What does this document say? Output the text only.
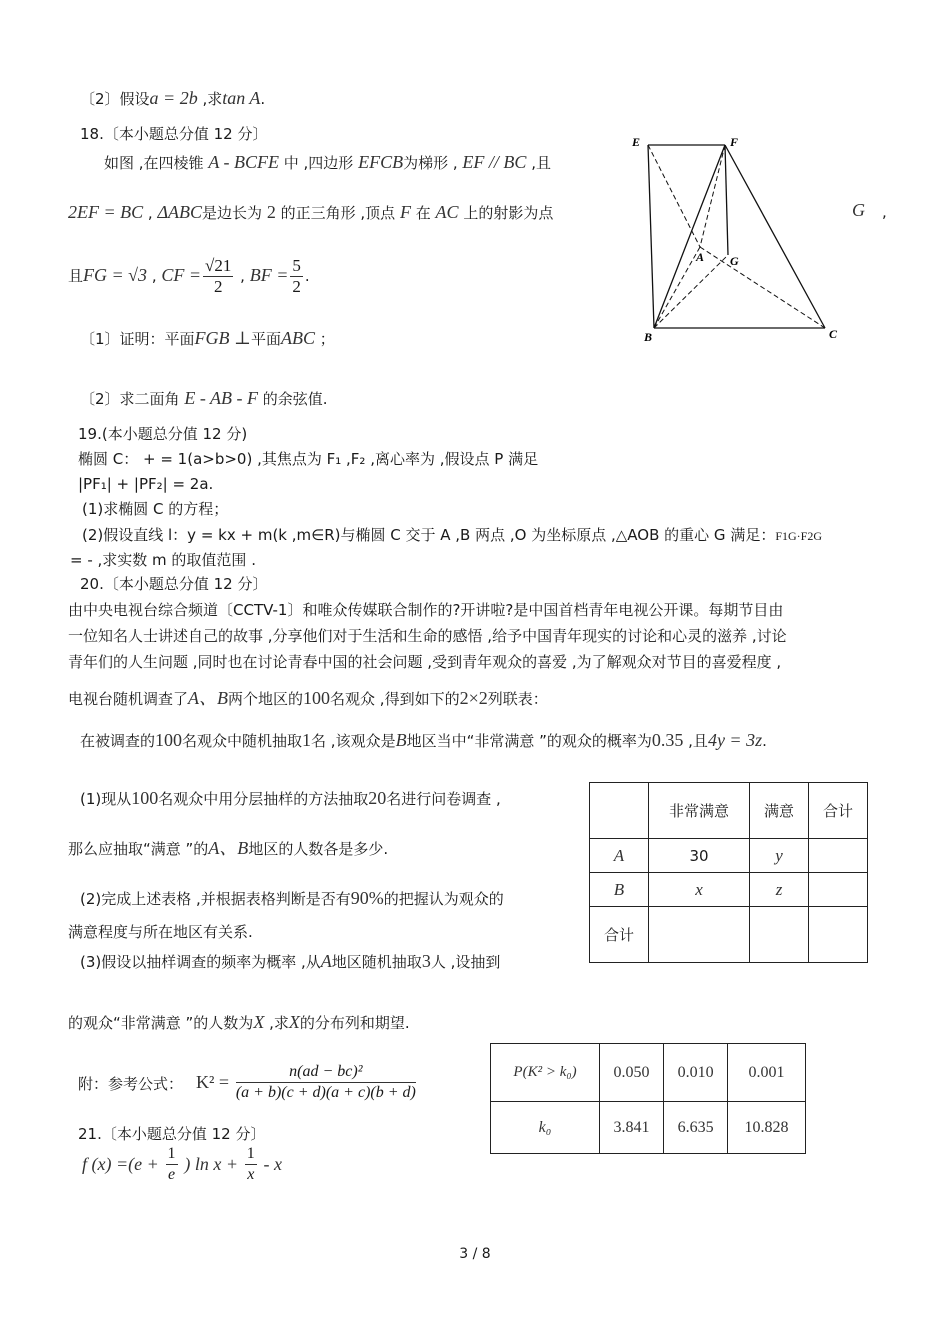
〔2〕假设a = 2b ,求tan A.
18.〔本小题总分值 12 分〕
如图 ,在四棱锥 A - BCFE 中 ,四边形 EFCB为梯形 , EF // BC ,且
2EF = BC , ΔABC是边长为 2 的正三角形 ,顶点 F 在 AC 上的射影为点	G ,
且FG = √3 , CF = $\frac{√21}{2}$ , BF = $\frac{5}{2}$ .
〔1〕证明：平面FGB ⊥平面ABC ；
〔2〕求二面角 E - AB - F 的余弦值.
E	F
A G
B	C
19.(本小题总分值 12 分)
椭圆 C： + = 1(a>b>0) ,其焦点为 F₁ ,F₂ ,离心率为 ,假设点 P 满足
|PF₁| + |PF₂| = 2a.
(1)求椭圆 C 的方程；
(2)假设直线 l：y = kx + m(k ,m∈R)与椭圆 C 交于 A ,B 两点 ,O 为坐标原点 ,△AOB 的重心 G 满足：F1G·F2G
= - ,求实数 m 的取值范围 .
20.〔本小题总分值 12 分〕
由中央电视台综合频道〔CCTV-1〕和唯众传媒联合制作的?开讲啦?是中国首档青年电视公开课。每期节目由
一位知名人士讲述自己的故事 ,分享他们对于生活和生命的感悟 ,给予中国青年现实的讨论和心灵的滋养 ,讨论
青年们的人生问题 ,同时也在讨论青春中国的社会问题 ,受到青年观众的喜爱 ,为了解观众对节目的喜爱程度 ,
电视台随机调查了A、B两个地区的100名观众 ,得到如下的2×2列联表：
在被调查的100名观众中随机抽取1名 ,该观众是B地区当中“非常满意 ”的观众的概率为0.35 ,且4y = 3z.
(1)现从100名观众中用分层抽样的方法抽取20名进行问卷调查 ,
那么应抽取“满意 ”的A、B地区的人数各是多少.
(2)完成上述表格 ,并根据表格判断是否有90%的把握认为观众的
满意程度与所在地区有关系.
(3)假设以抽样调查的频率为概率 ,从A地区随机抽取3人 ,设抽到
的观众“非常满意 ”的人数为X ,求X的分布列和期望.
	非常满意	满意	合计
A	30	y	
B	x	z	
合计			
附：参考公式： $K^2 = \frac{\text{n(ad − bc)²}}{(a + b)(c + d)(a + c)(b + d)}$	P(K² > k₀)	0.050	0.010	0.001
k₀	3.841	6.635	10.828
21.〔本小题总分值 12 分〕
f $(x) =(e + \frac{1}{e}$ ) $\ln x + \frac{1}{x} - x$
3 / 8
